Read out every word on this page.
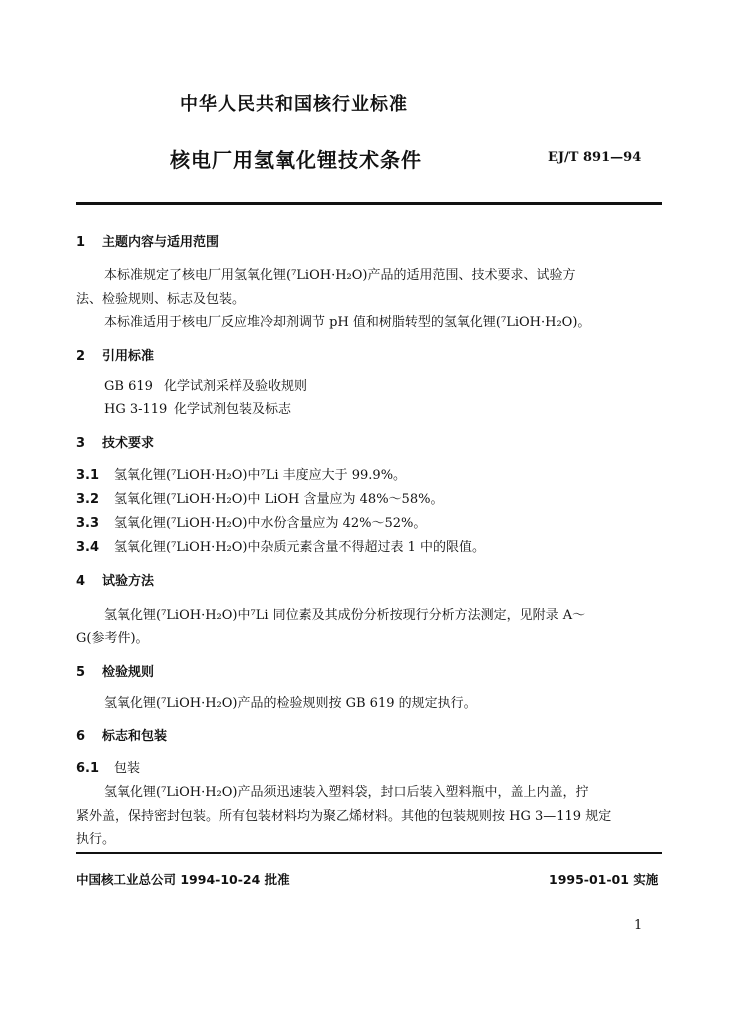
中华人民共和国核行业标准
核电厂用氢氧化锂技术条件	EJ/T 891—94
1 主题内容与适用范围
本标准规定了核电厂用氢氧化锂(⁷LiOH·H₂O)产品的适用范围、技术要求、试验方
法、检验规则、标志及包装。
本标准适用于核电厂反应堆冷却剂调节 pH 值和树脂转型的氢氧化锂(⁷LiOH·H₂O)。
2 引用标准
GB 619 化学试剂采样及验收规则
HG 3-119 化学试剂包装及标志
3 技术要求
3.1 氢氧化锂(⁷LiOH·H₂O)中⁷Li 丰度应大于 99.9%。
3.2 氢氧化锂(⁷LiOH·H₂O)中 LiOH 含量应为 48%～58%。
3.3 氢氧化锂(⁷LiOH·H₂O)中水份含量应为 42%～52%。
3.4 氢氧化锂(⁷LiOH·H₂O)中杂质元素含量不得超过表 1 中的限值。
4 试验方法
氢氧化锂(⁷LiOH·H₂O)中⁷Li 同位素及其成份分析按现行分析方法测定，见附录 A～
G(参考件)。
5 检验规则
氢氧化锂(⁷LiOH·H₂O)产品的检验规则按 GB 619 的规定执行。
6 标志和包装
6.1 包装
氢氧化锂(⁷LiOH·H₂O)产品须迅速装入塑料袋，封口后装入塑料瓶中，盖上内盖，拧
紧外盖，保持密封包装。所有包装材料均为聚乙烯材料。其他的包装规则按 HG 3—119 规定
执行。
中国核工业总公司 1994-10-24 批准	1995-01-01 实施
1
